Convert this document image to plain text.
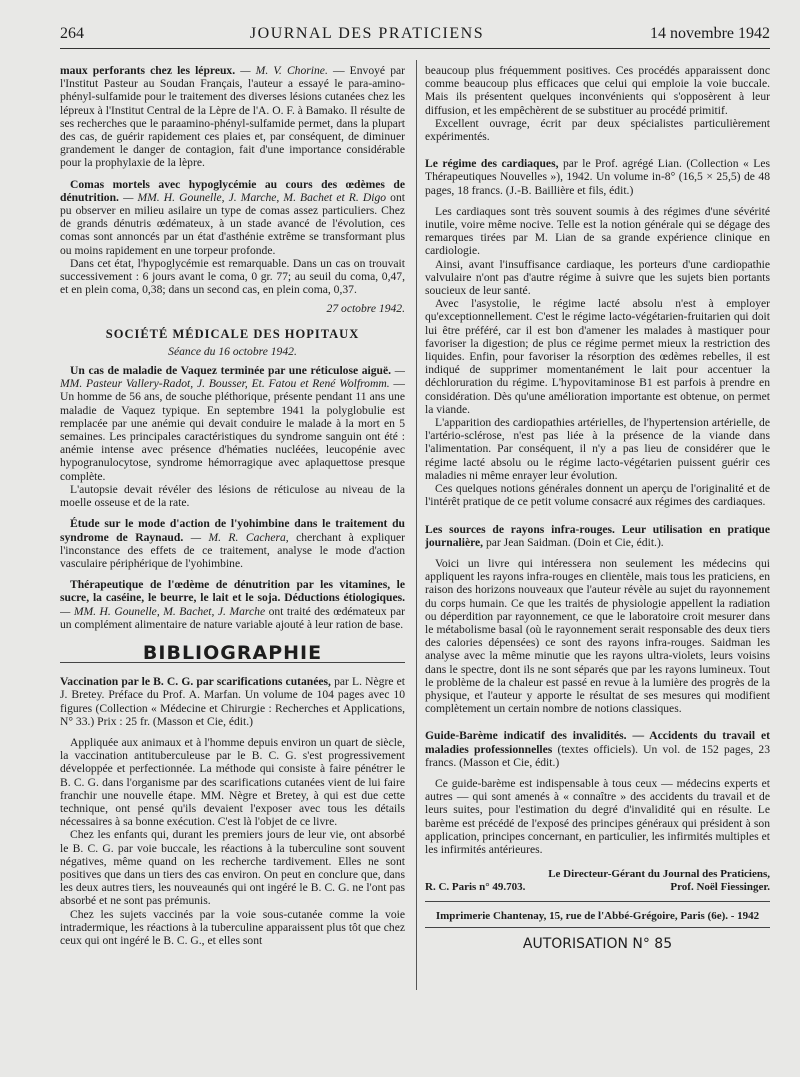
264	JOURNAL DES PRATICIENS	14 novembre 1942

maux perforants chez les lépreux. — M. V. Chorine. — Envoyé par l'Institut Pasteur au Soudan Français, l'auteur a essayé le para-amino-phényl-sulfamide pour le traitement des diverses lésions cutanées chez les lépreux à l'Institut Central de la Lèpre de l'A. O. F. à Bamako. Il résulte de ses recherches que le paraamino-phényl-sulfamide permet, dans la plupart des cas, de guérir rapidement ces plaies et, par conséquent, de diminuer grandement le danger de contagion, fait d'une importance considérable pour la prophylaxie de la lèpre.

Comas mortels avec hypoglycémie au cours des œdèmes de dénutrition. — MM. H. Gounelle, J. Marche, M. Bachet et R. Digo ont pu observer en milieu asilaire un type de comas assez particuliers. Chez de grands dénutris œdémateux, à un stade avancé de l'évolution, ces comas sont annoncés par un état d'asthénie extrême se transformant plus ou moins rapidement en une torpeur profonde.

Dans cet état, l'hypoglycémie est remarquable. Dans un cas on trouvait successivement : 6 jours avant le coma, 0 gr. 77; au seuil du coma, 0,47, et en plein coma, 0,38; dans un second cas, en plein coma, 0,37.

27 octobre 1942.
SOCIÉTÉ MÉDICALE DES HOPITAUX
Séance du 16 octobre 1942.

Un cas de maladie de Vaquez terminée par une réticulose aiguë. — MM. Pasteur Vallery-Radot, J. Bousser, Et. Fatou et René Wolfromm. — Un homme de 56 ans, de souche pléthorique, présente pendant 11 ans une maladie de Vaquez typique. En septembre 1941 la polyglobulie est remplacée par une anémie qui devait conduire le malade à la mort en 5 semaines. Les principales caractéristiques du syndrome sanguin ont été : anémie intense avec présence d'hématies nucléées, leucopénie avec hypogranulocytose, syndrome hémorragique avec aplaquettose presque complète.

L'autopsie devait révéler des lésions de réticulose au niveau de la moelle osseuse et de la rate.

Étude sur le mode d'action de l'yohimbine dans le traitement du syndrome de Raynaud. — M. R. Cachera, cherchant à expliquer l'inconstance des effets de ce traitement, analyse le mode d'action vasculaire périphérique de l'yohimbine.

Thérapeutique de l'œdème de dénutrition par les vitamines, le sucre, la caséine, le beurre, le lait et le soja. Déductions étiologiques. — MM. H. Gounelle, M. Bachet, J. Marche ont traité des œdémateux par un complément alimentaire de nature variable ajouté à leur ration de base.

BIBLIOGRAPHIE

Vaccination par le B. C. G. par scarifications cutanées, par L. Nègre et J. Bretey. Préface du Prof. A. Marfan. Un volume de 104 pages avec 10 figures (Collection « Médecine et Chirurgie : Recherches et Applications, N° 33.) Prix : 25 fr. (Masson et Cie, édit.)

Appliquée aux animaux et à l'homme depuis environ un quart de siècle, la vaccination antituberculeuse par le B. C. G. s'est progressivement développée et perfectionnée. La méthode qui consiste à faire pénétrer le B. C. G. dans l'organisme par des scarifications cutanées vient de lui faire franchir une nouvelle étape. MM. Nègre et Bretey, à qui est due cette technique, ont pensé qu'ils devaient l'exposer avec tous les détails nécessaires à sa bonne exécution. C'est là l'objet de ce livre.

Chez les enfants qui, durant les premiers jours de leur vie, ont absorbé le B. C. G. par voie buccale, les réactions à la tuberculine sont souvent négatives, même quand on les recherche tardivement. Elles ne sont positives que dans un tiers des cas environ. On peut en conclure que, dans les deux autres tiers, les nouveaunés qui ont ingéré le B. C. G. ne l'ont pas absorbé et ne sont pas prémunis.

Chez les sujets vaccinés par la voie sous-cutanée comme la voie intradermique, les réactions à la tuberculine apparaissent plus tôt que chez ceux qui ont ingéré le B. C. G., et elles sont

beaucoup plus fréquemment positives. Ces procédés apparaissent donc comme beaucoup plus efficaces que celui qui emploie la voie buccale. Mais ils présentent quelques inconvénients qui s'opposèrent à leur diffusion, et les empêchèrent de se substituer au procédé primitif.

Excellent ouvrage, écrit par deux spécialistes particulièrement expérimentés.

Le régime des cardiaques, par le Prof. agrégé Lian. (Collection « Les Thérapeutiques Nouvelles »), 1942. Un volume in-8° (16,5 × 25,5) de 48 pages, 18 francs. (J.-B. Baillière et fils, édit.)

Les cardiaques sont très souvent soumis à des régimes d'une sévérité inutile, voire même nocive. Telle est la notion générale qui se dégage des remarques tirées par M. Lian de sa grande expérience clinique en cardiologie.

Ainsi, avant l'insuffisance cardiaque, les porteurs d'une cardiopathie valvulaire n'ont pas d'autre régime à suivre que les sujets bien portants soucieux de leur santé.

Avec l'asystolie, le régime lacté absolu n'est à employer qu'exceptionnellement. C'est le régime lacto-végétarien-fruitarien qui doit lui être préféré, car il est bon d'amener les malades à mastiquer pour favoriser la digestion; de plus ce régime permet mieux la restriction des liquides. Enfin, pour favoriser la résorption des œdèmes rebelles, il est indiqué de supprimer momentanément le lait pour accentuer la déchloruration du régime. L'hypovitaminose B1 est parfois à prendre en considération. Dès qu'une amélioration importante est obtenue, on permet la viande.

L'apparition des cardiopathies artérielles, de l'hypertension artérielle, de l'artério-sclérose, n'est pas liée à la présence de la viande dans l'alimentation. Par conséquent, il n'y a pas lieu de considérer que le régime lacté absolu ou le régime lacto-végétarien puissent guérir ces maladies ni même enrayer leur évolution.

Ces quelques notions générales donnent un aperçu de l'originalité et de l'intérêt pratique de ce petit volume consacré aux régimes des cardiaques.

Les sources de rayons infra-rouges. Leur utilisation en pratique journalière, par Jean Saidman. (Doin et Cie, édit.).

Voici un livre qui intéressera non seulement les médecins qui appliquent les rayons infra-rouges en clientèle, mais tous les praticiens, en raison des horizons nouveaux que l'auteur révèle au sujet du rayonnement du corps humain. Ce que les traités de physiologie appellent la radiation ou déperdition par rayonnement, ce que le laboratoire croit mesurer dans le métabolisme basal (où le rayonnement serait responsable des deux tiers des calories dépensées) ce sont des rayons infra-rouges. Saidman les analyse avec la même minutie que les rayons ultra-violets, leurs voisins dans le spectre, dont ils ne sont séparés que par les rayons lumineux. Tout le problème de la chaleur est passé en revue à la lumière des progrès de la physique, et l'auteur y apporte le résultat de ses mesures qui modifient complètement un certain nombre de notions classiques.

Guide-Barème indicatif des invalidités. — Accidents du travail et maladies professionnelles (textes officiels). Un vol. de 152 pages, 23 francs. (Masson et Cie, édit.)

Ce guide-barème est indispensable à tous ceux — médecins experts et autres — qui sont amenés à « connaître » des accidents du travail et de leurs suites, pour l'estimation du degré d'invalidité qui en résulte. Le barème est précédé de l'exposé des principes généraux qui président à son application, principes concernant, en particulier, les infirmités multiples et les infirmités antérieures.

Le Directeur-Gérant du Journal des Praticiens,
R. C. Paris n° 49.703.	Prof. Noël Fiessinger.
Imprimerie Chantenay, 15, rue de l'Abbé-Grégoire, Paris (6e). - 1942
AUTORISATION N° 85
